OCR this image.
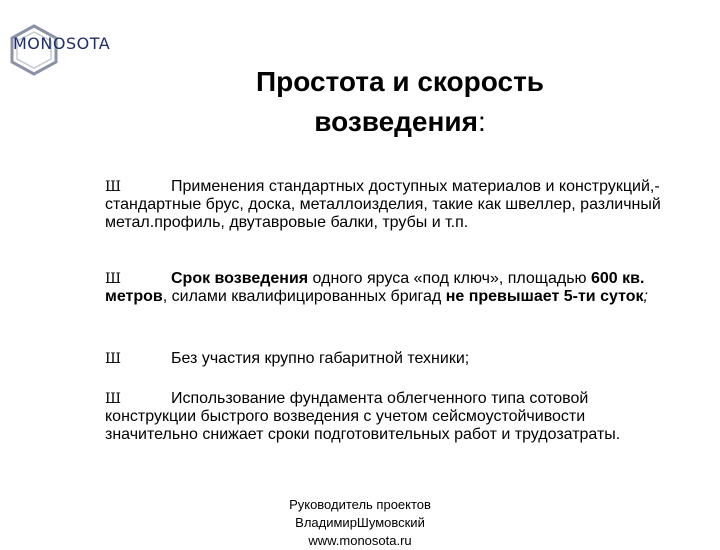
MONOSOTA
Простота и скорость
возведения:
Ш	Применения стандартных доступных материалов и конструкций,- стандартные брус, доска, металлоизделия, такие как швеллер, различный метал.профиль, двутавровые балки, трубы и т.п.
Ш	Срок возведения одного яруса «под ключ», площадью 600 кв. метров, силами квалифицированных бригад не превышает 5-ти суток;
Ш	Без участия крупно габаритной техники;
Ш	Использование фундамента облегченного типа сотовой конструкции быстрого возведения с учетом сейсмоустойчивости значительно снижает сроки подготовительных работ и трудозатраты.
Руководитель проектов
ВладимирШумовский
www.monosota.ru
